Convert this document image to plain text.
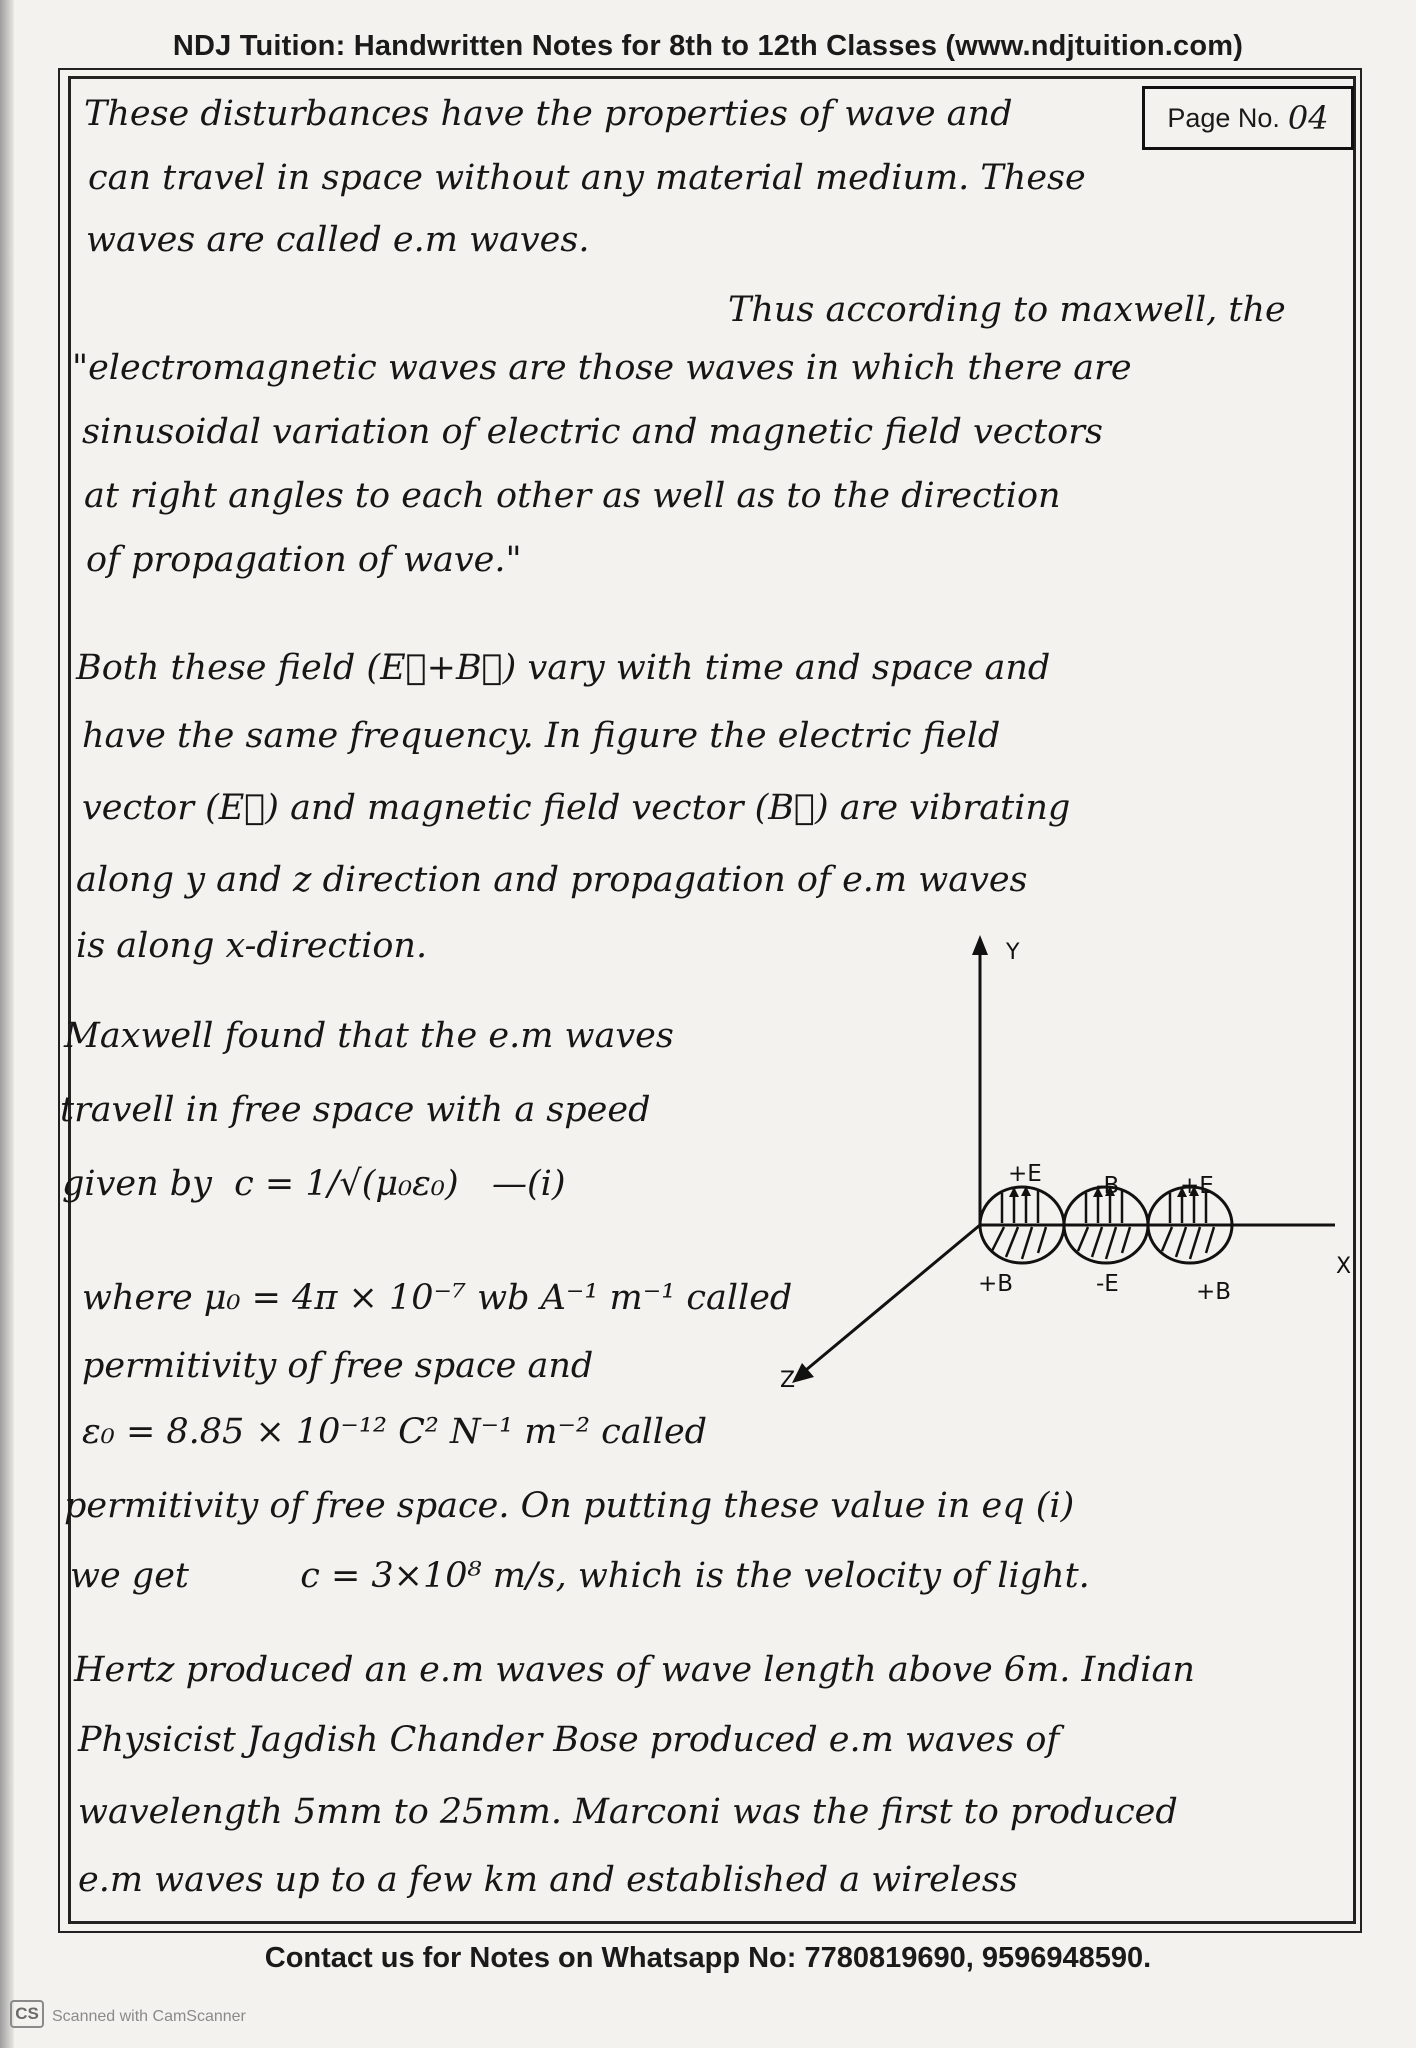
NDJ Tuition: Handwritten Notes for 8th to 12th Classes (www.ndjtuition.com)
Page No. 04
These disturbances have the properties of wave and
can travel in space without any material medium. These
waves are called e.m waves.
Thus according to maxwell, the
"electromagnetic waves are those waves in which there are
sinusoidal variation of electric and magnetic field vectors
at right angles to each other as well as to the direction
of propagation of wave."
Both these field (E⃗+B⃗) vary with time and space and
have the same frequency. In figure the electric field
vector (E⃗) and magnetic field vector (B⃗) are vibrating
along y and z direction and propagation of e.m waves
is along x-direction.
Maxwell found that the e.m waves
travell in free space with a speed
given by  c = 1/√(μ₀ε₀)   —(i)
where μ₀ = 4π × 10⁻⁷ wb A⁻¹ m⁻¹ called
permitivity of free space and
ε₀ = 8.85 × 10⁻¹² C² N⁻¹ m⁻² called
permitivity of free space. On putting these value in eq (i)
we get          c = 3×10⁸ m/s, which is the velocity of light.
Hertz produced an e.m waves of wave length above 6m. Indian
Physicist Jagdish Chander Bose produced e.m waves of
wavelength 5mm to 25mm. Marconi was the first to produced
e.m waves up to a few km and established a wireless
Y
X
Z
+E -B	+E
+B	-E	+B
Contact us for Notes on Whatsapp No: 7780819690, 9596948590.
CS Scanned with CamScanner
